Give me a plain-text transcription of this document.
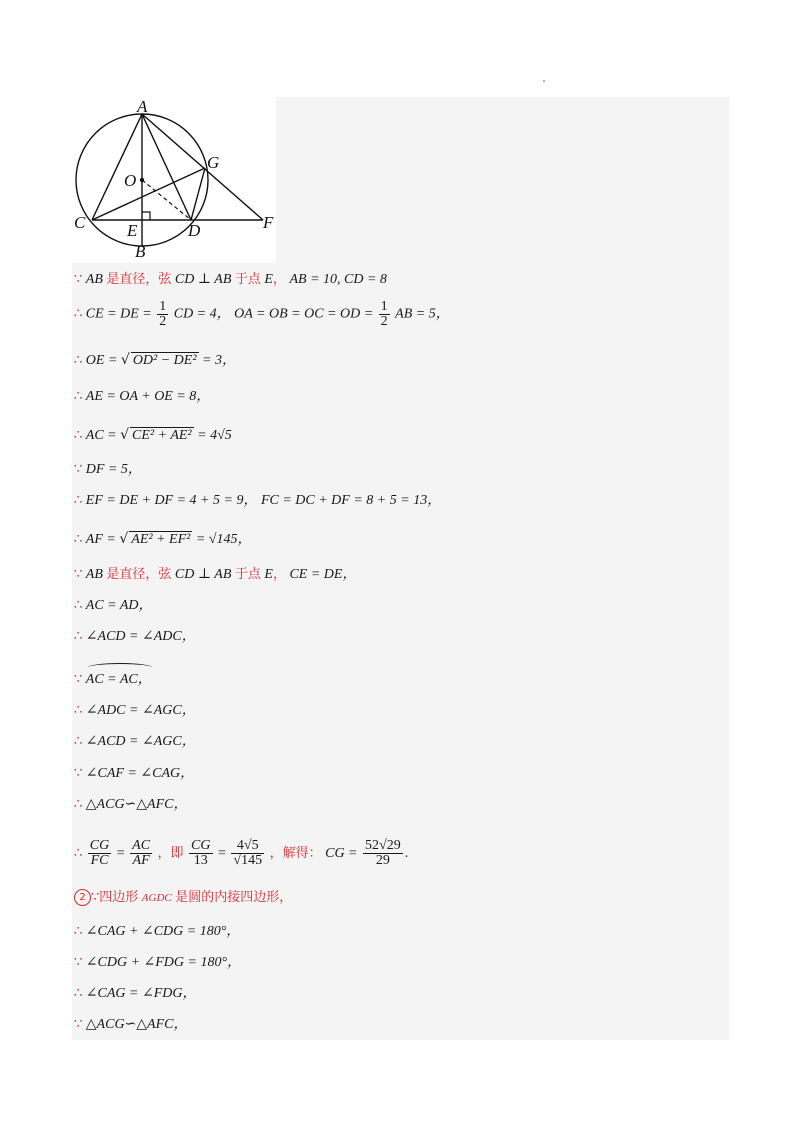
A
O
G
C E	D
B
F
∵ AB 是直径，弦 CD ⊥ AB 于点 E， AB = 10, CD = 8
∴ CE = DE = $\frac{1}{2}$ CD = 4， OA = OB = OC = OD = $\frac{1}{2}$ AB = 5，
∴ OE = √ OD² − DE² = 3，
∴ AE = OA + OE = 8，
∴ AC = √ CE² + AE² = 4√5
∵ DF = 5，
∴ EF = DE + DF = 4 + 5 = 9， FC = DC + DF = 8 + 5 = 13，
∴ AF = √ AE² + EF² = √145，
∵ AB 是直径，弦 CD ⊥ AB 于点 E， CE = DE，
∴ AC = AD，
∴ ∠ACD = ∠ADC，
∵ AC = AC，
∴ ∠ADC = ∠AGC，
∴ ∠ACD = ∠AGC，
∵ ∠CAF = ∠CAG，
∴ △ACG∽△AFC，
∴ $\frac{CG}{FC} = \frac{AC}{AF}$ ，即 $\frac{CG}{13} = \frac{4√5}{√145}$ ，解得： CG = $\frac{52√29}{29}$ .
2 ∵四边形 AGDC 是圆的内接四边形，
∴ ∠CAG + ∠CDG = 180°，
∵ ∠CDG + ∠FDG = 180°，
∴ ∠CAG = ∠FDG，
∵ △ACG∽△AFC，
